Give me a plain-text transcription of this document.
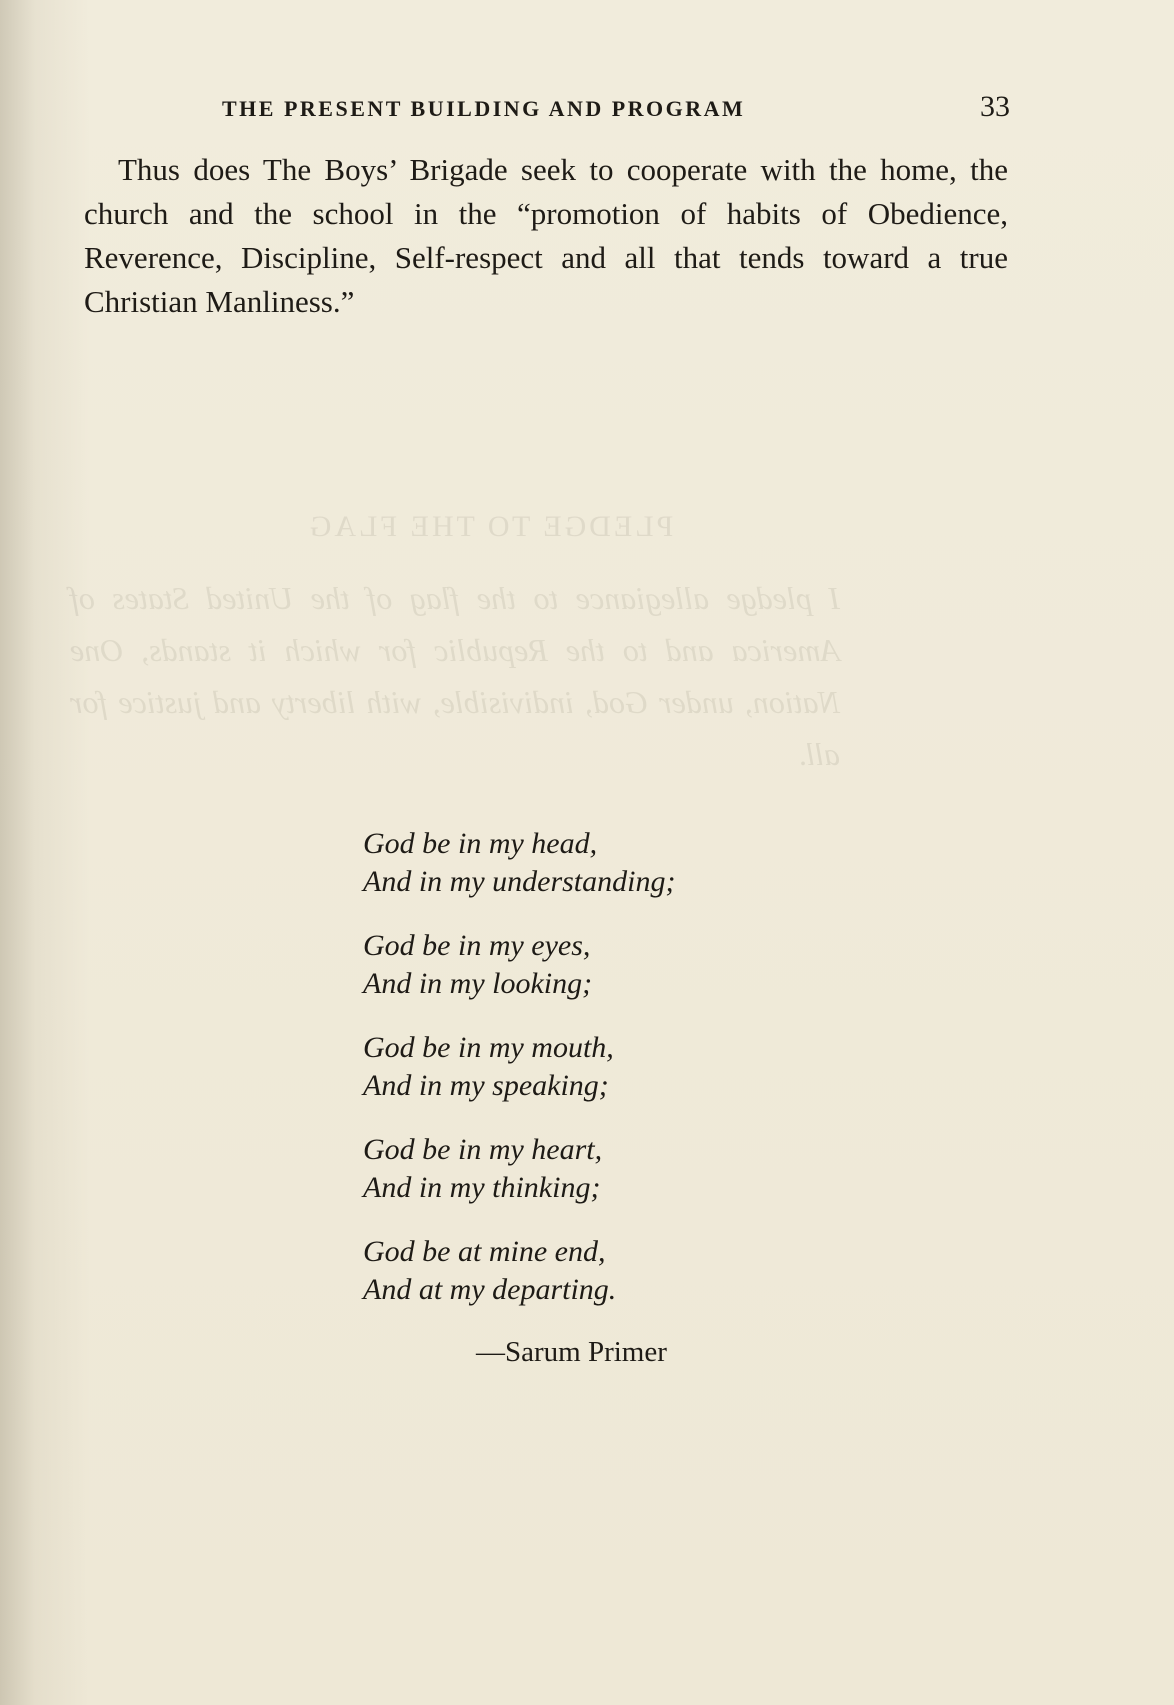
THE PRESENT BUILDING AND PROGRAM	33

Thus does The Boys’ Brigade seek to cooperate with the home, the church and the school in the “promotion of habits of Obedience, Reverence, Discipline, Self-respect and all that tends toward a true Christian Manliness.”

PLEDGE TO THE FLAG
I pledge allegiance to the flag of the United States of America and to the Republic for which it stands, One Nation, under God, indivisible, with liberty and justice for all.
God be in my head,
And in my understanding;
God be in my eyes,
And in my looking;
God be in my mouth,
And in my speaking;
God be in my heart,
And in my thinking;
God be at mine end,
And at my departing.
—Sarum Primer
